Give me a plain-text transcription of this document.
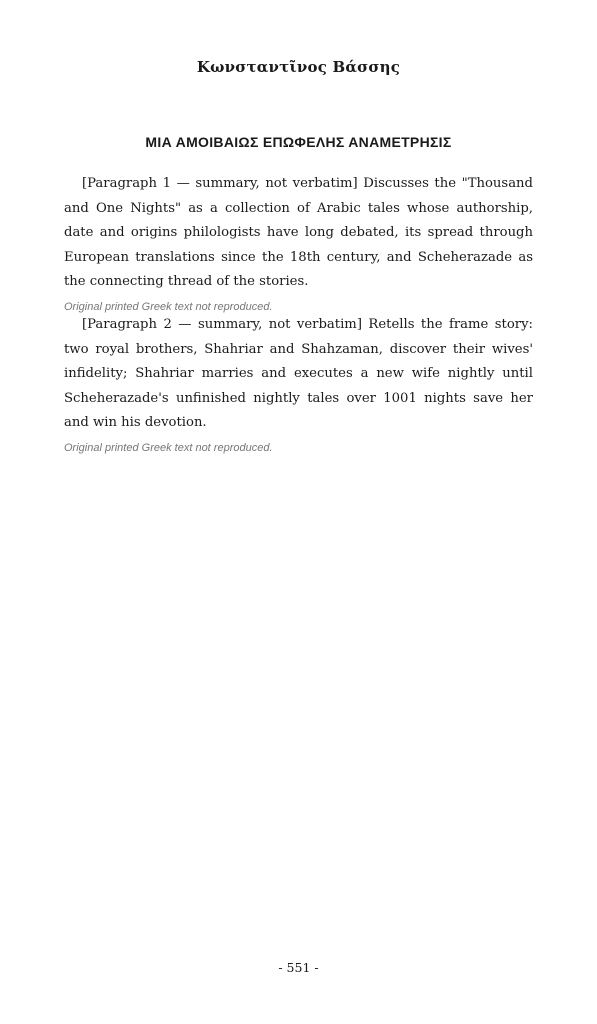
Κωνσταντῖνος Βάσσης
ΜΙΑ ΑΜΟΙΒΑΙΩΣ ΕΠΩΦΕΛΗΣ ΑΝΑΜΕΤΡΗΣΙΣ

[Paragraph 1 — summary, not verbatim] Discusses the "Thousand and One Nights" as a collection of Arabic tales whose authorship, date and origins philologists have long debated, its spread through European translations since the 18th century, and Scheherazade as the connecting thread of the stories.

Original printed Greek text not reproduced.

[Paragraph 2 — summary, not verbatim] Retells the frame story: two royal brothers, Shahriar and Shahzaman, discover their wives' infidelity; Shahriar marries and executes a new wife nightly until Scheherazade's unfinished nightly tales over 1001 nights save her and win his devotion.

Original printed Greek text not reproduced.

- 551 -
